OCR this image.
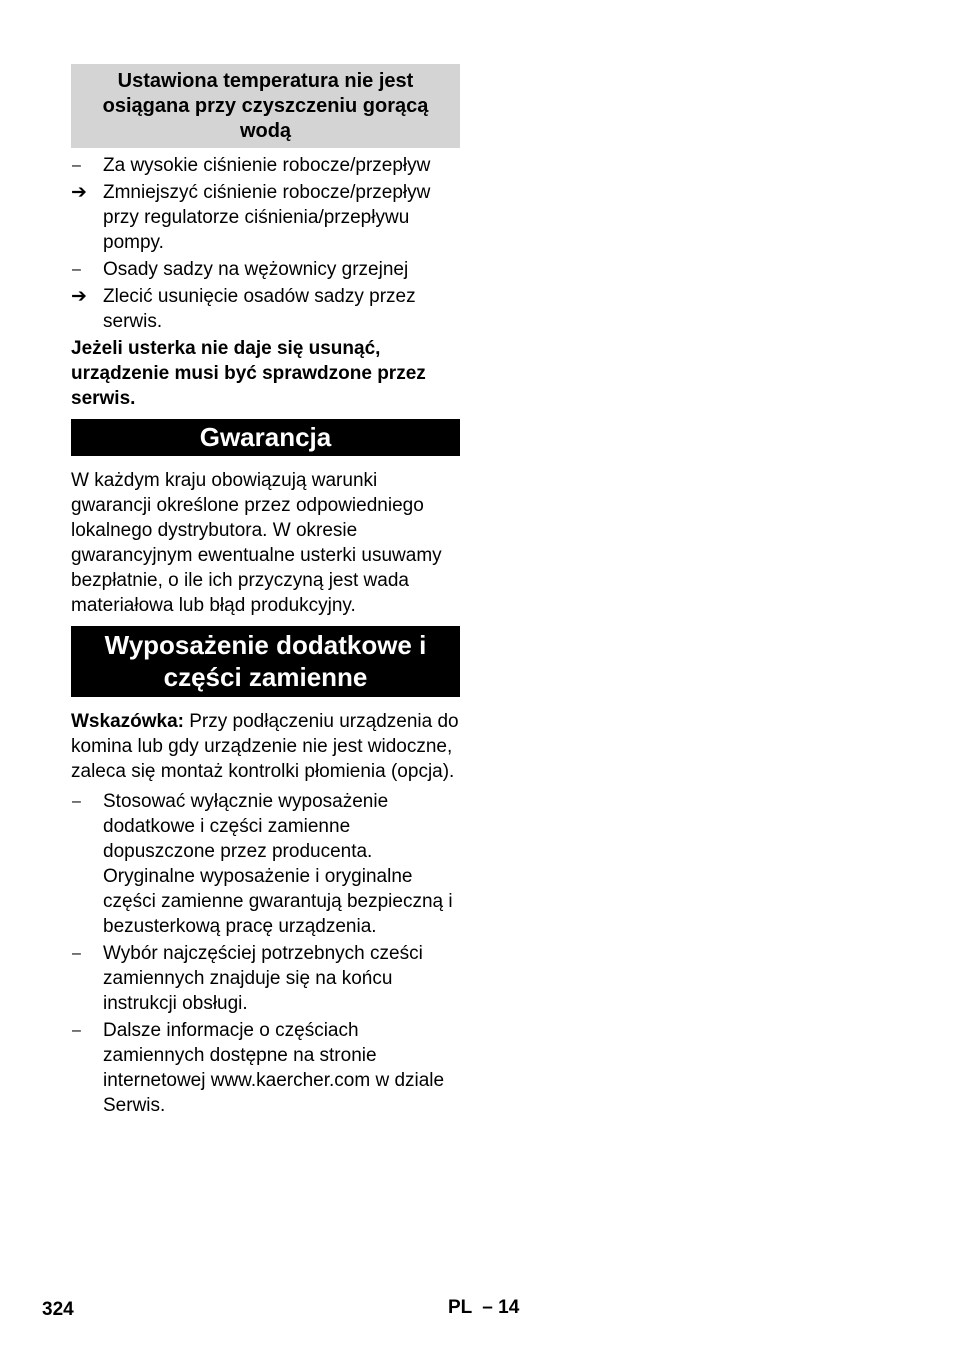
Ustawiona temperatura nie jest osiągana przy czyszczeniu gorącą wodą
–	Za wysokie ciśnienie robocze/przepływ
➔ Zmniejszyć ciśnienie robocze/przepływ przy regulatorze ciśnienia/przepływu pompy.
–	Osady sadzy na wężownicy grzejnej
➔ Zlecić usunięcie osadów sadzy przez serwis.
Jeżeli usterka nie daje się usunąć, urządzenie musi być sprawdzone przez serwis.
Gwarancja
W każdym kraju obowiązują warunki gwarancji określone przez odpowiedniego lokalnego dystrybutora. W okresie gwarancyjnym ewentualne usterki usuwamy bezpłatnie, o ile ich przyczyną jest wada materiałowa lub błąd produkcyjny.
Wyposażenie dodatkowe i części zamienne
Wskazówka: Przy podłączeniu urządzenia do komina lub gdy urządzenie nie jest widoczne, zaleca się montaż kontrolki płomienia (opcja).
–	Stosować wyłącznie wyposażenie dodatkowe i części zamienne dopuszczone przez producenta. Oryginalne wyposażenie i oryginalne części zamienne gwarantują bezpieczną i bezusterkową pracę urządzenia.
–	Wybór najczęściej potrzebnych cześci zamiennych znajduje się na końcu instrukcji obsługi.
–	Dalsze informacje o częściach zamiennych dostępne na stronie internetowej www.kaercher.com w dziale Serwis.
324	PL – 14
